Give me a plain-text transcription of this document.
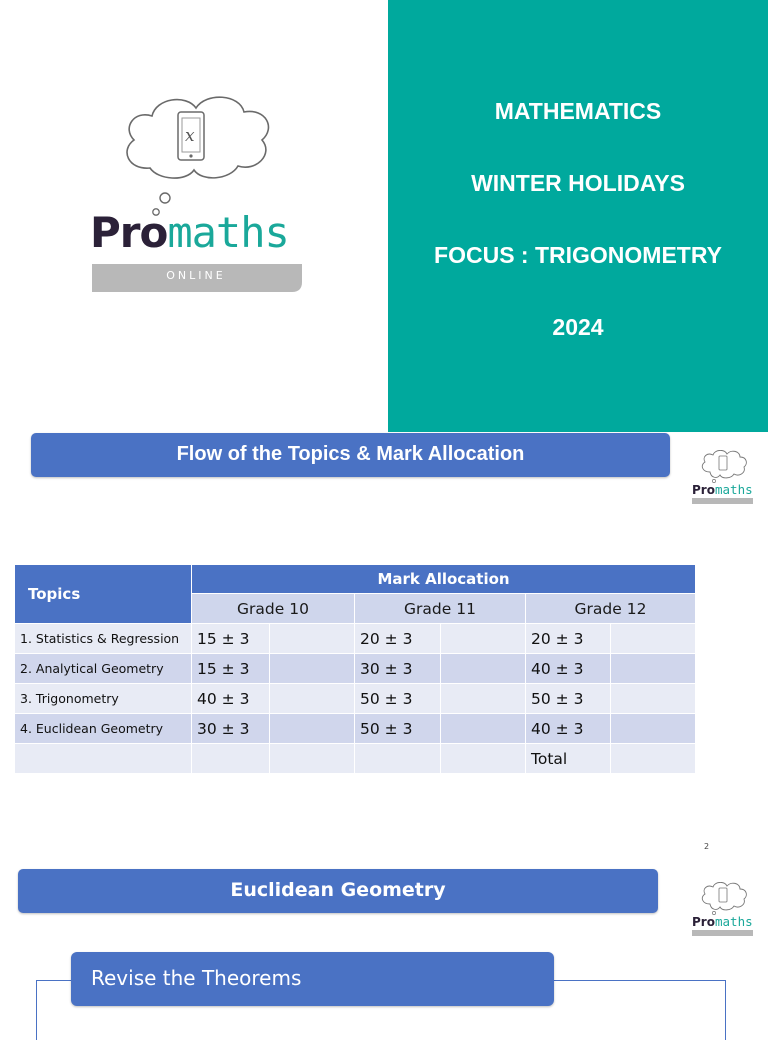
x
Promaths
ONLINE
MATHEMATICS
WINTER HOLIDAYS
FOCUS : TRIGONOMETRY
2024
Flow of the Topics & Mark Allocation
Pro maths
Topics	Mark Allocation					
	Grade 10		Grade 11		Grade 12	
1. Statistics & Regression	15 ± 3		20 ± 3		20 ± 3	
2. Analytical Geometry	15 ± 3		30 ± 3		40 ± 3	
3. Trigonometry	40 ± 3		50 ± 3		50 ± 3	
4. Euclidean Geometry	30 ± 3		50 ± 3		40 ± 3	
					Total	
2
Euclidean Geometry
Pro maths
Revise the Theorems
